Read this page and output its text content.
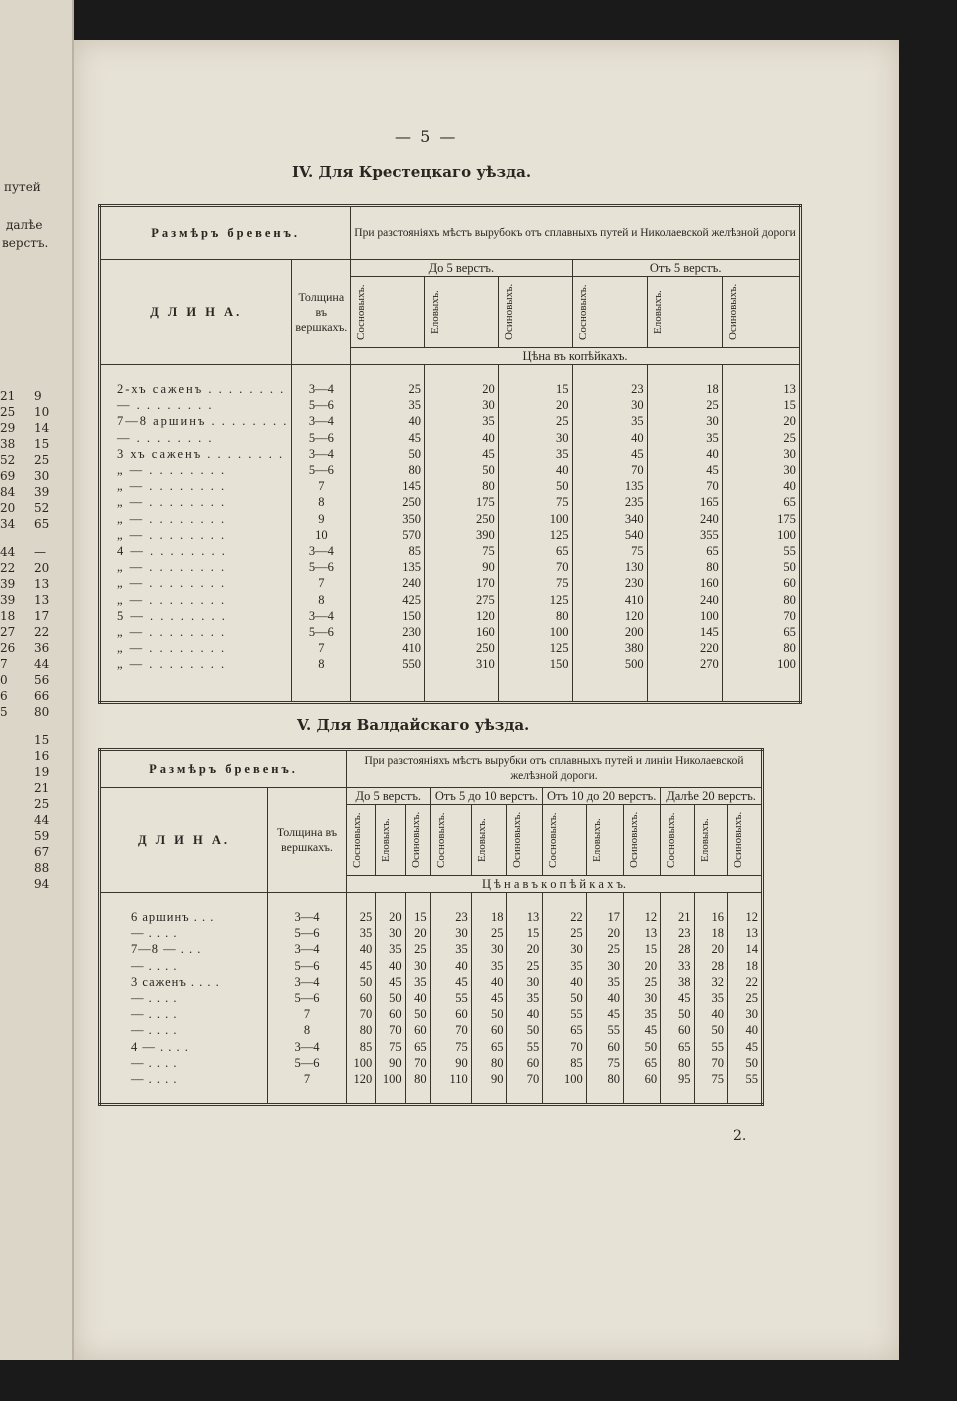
путей
далѣе
верстъ.
21 9
25 10
29 14
38 15
52 25
69 30
84 39
20 52
34 65
44 —
22 20
39 13
39 13
18 17
27 22
26 36
7 44
0 56
6 66
5 80
15
16
19
21
25
44
59
67
88
94
— 5 —
IV. Для Крестецкаго уѣзда.
Размѣръ бревенъ.		При разстояніяхъ мѣстъ вырубокъ отъ сплавныхъ путей и Николаевской желѣзной дороги					
Д Л И Н А.	Толщина въ вершкахъ.	До 5 верстъ.			Отъ 5 верстъ.		

		Сосновыхъ.	Еловыхъ.	Осиновыхъ.	Сосновыхъ.	Еловыхъ.	Осиновыхъ.

		Цѣна въ копѣйкахъ.					

2-хъ саженъ . . . . . . . .	3—4	25	20	15	23	18	13
— . . . . . . . .	5—6	35	30	20	30	25	15
7—8 аршинъ . . . . . . . .	3—4	40	35	25	35	30	20
— . . . . . . . .	5—6	45	40	30	40	35	25
3 хъ саженъ . . . . . . . .	3—4	50	45	35	45	40	30
„ — . . . . . . . .	5—6	80	50	40	70	45	30
„ — . . . . . . . .	7	145	80	50	135	70	40
„ — . . . . . . . .	8	250	175	75	235	165	65
„ — . . . . . . . .	9	350	250	100	340	240	175
„ — . . . . . . . .	10	570	390	125	540	355	100
4 — . . . . . . . .	3—4	85	75	65	75	65	55
„ — . . . . . . . .	5—6	135	90	70	130	80	50
„ — . . . . . . . .	7	240	170	75	230	160	60
„ — . . . . . . . .	8	425	275	125	410	240	80
5 — . . . . . . . .	3—4	150	120	80	120	100	70
„ — . . . . . . . .	5—6	230	160	100	200	145	65
„ — . . . . . . . .	7	410	250	125	380	220	80
„ — . . . . . . . .	8	550	310	150	500	270	100

V. Для Валдайскаго уѣзда.
Размѣръ бревенъ.		При разстояніяхъ мѣстъ вырубки отъ сплавныхъ путей и линіи Николаевской желѣзной дороги.											
Д Л И Н А.	Толщина въ вершкахъ.	До 5 верстъ.			Отъ 5 до 10 верстъ.			Отъ 10 до 20 верстъ.			Далѣе 20 верстъ.		

		Сосновыхъ.	Еловыхъ.	Осиновыхъ.	Сосновыхъ.	Еловыхъ.	Осиновыхъ.	Сосновыхъ.	Еловыхъ.	Осиновыхъ.	Сосновыхъ.	Еловыхъ.	Осиновыхъ.

		Ц ѣ н а в ъ к о п ѣ й к а х ъ.											

6 аршинъ . . .	3—4	25	20	15	23	18	13	22	17	12	21	16	12
— . . . .	5—6	35	30	20	30	25	15	25	20	13	23	18	13
7—8 — . . .	3—4	40	35	25	35	30	20	30	25	15	28	20	14
— . . . .	5—6	45	40	30	40	35	25	35	30	20	33	28	18
3 саженъ . . . .	3—4	50	45	35	45	40	30	40	35	25	38	32	22
— . . . .	5—6	60	50	40	55	45	35	50	40	30	45	35	25
— . . . .	7	70	60	50	60	50	40	55	45	35	50	40	30
— . . . .	8	80	70	60	70	60	50	65	55	45	60	50	40
4 — . . . .	3—4	85	75	65	75	65	55	70	60	50	65	55	45
— . . . .	5—6	100	90	70	90	80	60	85	75	65	80	70	50
— . . . .	7	120	100	80	110	90	70	100	80	60	95	75	55

2.
